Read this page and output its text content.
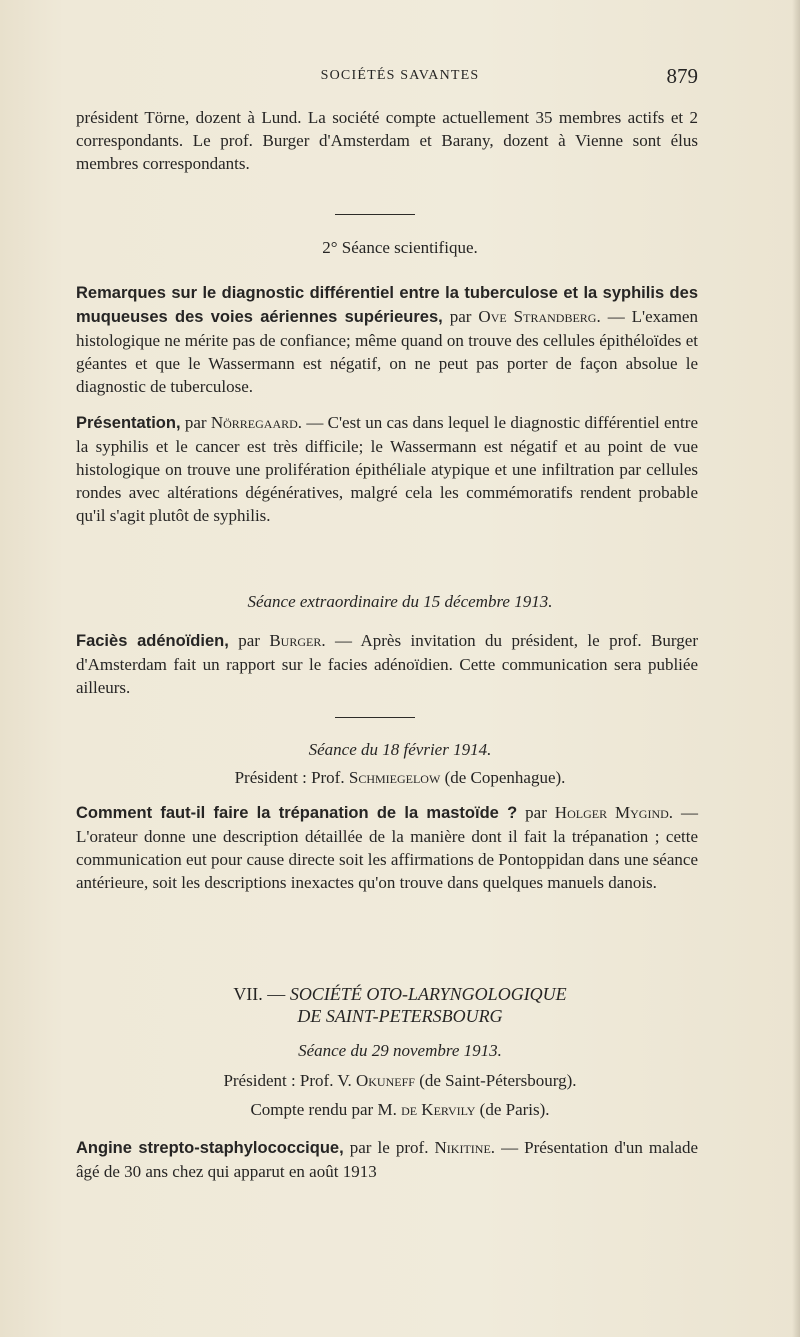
SOCIÉTÉS SAVANTES	879
président Törne, dozent à Lund. La société compte actuellement 35 membres actifs et 2 correspondants. Le prof. Burger d'Amsterdam et Barany, dozent à Vienne sont élus membres correspondants.
2° Séance scientifique.
Remarques sur le diagnostic différentiel entre la tuberculose et la syphilis des muqueuses des voies aériennes supérieures, par Ove Strandberg. — L'examen histologique ne mérite pas de confiance; même quand on trouve des cellules épithéloïdes et géantes et que le Wassermann est négatif, on ne peut pas porter de façon absolue le diagnostic de tuberculose.
Présentation, par Nörregaard. — C'est un cas dans lequel le diagnostic différentiel entre la syphilis et le cancer est très difficile; le Wassermann est négatif et au point de vue histologique on trouve une prolifération épithéliale atypique et une infiltration par cellules rondes avec altérations dégénératives, malgré cela les commémoratifs rendent probable qu'il s'agit plutôt de syphilis.
Séance extraordinaire du 15 décembre 1913.
Faciès adénoïdien, par Burger. — Après invitation du président, le prof. Burger d'Amsterdam fait un rapport sur le facies adénoïdien. Cette communication sera publiée ailleurs.
Séance du 18 février 1914.
Président : Prof. Schmiegelow (de Copenhague).
Comment faut-il faire la trépanation de la mastoïde ? par Holger Mygind. — L'orateur donne une description détaillée de la manière dont il fait la trépanation ; cette communication eut pour cause directe soit les affirmations de Pontoppidan dans une séance antérieure, soit les descriptions inexactes qu'on trouve dans quelques manuels danois.
VII. — SOCIÉTÉ OTO-LARYNGOLOGIQUE
DE SAINT-PETERSBOURG
Séance du 29 novembre 1913.
Président : Prof. V. Okuneff (de Saint-Pétersbourg).
Compte rendu par M. de Kervily (de Paris).
Angine strepto-staphylococcique, par le prof. Nikitine. — Présentation d'un malade âgé de 30 ans chez qui apparut en août 1913
